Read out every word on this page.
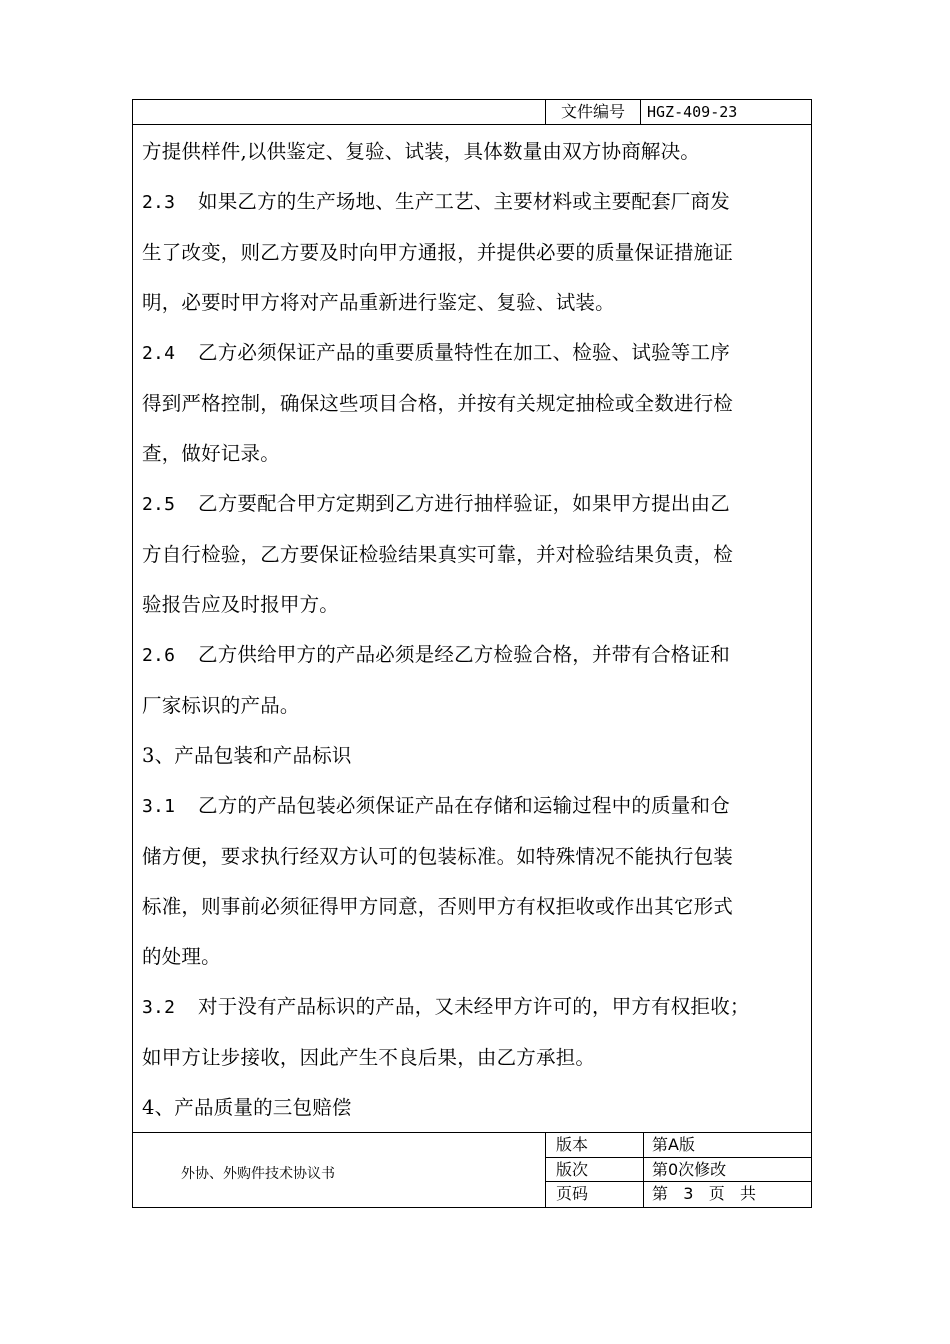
文件编号	HGZ-409-23

方提供样件,以供鉴定、复验、试装，具体数量由双方协商解决。

2.3 如果乙方的生产场地、生产工艺、主要材料或主要配套厂商发

生了改变，则乙方要及时向甲方通报，并提供必要的质量保证措施证

明，必要时甲方将对产品重新进行鉴定、复验、试装。

2.4 乙方必须保证产品的重要质量特性在加工、检验、试验等工序

得到严格控制，确保这些项目合格，并按有关规定抽检或全数进行检

查，做好记录。

2.5 乙方要配合甲方定期到乙方进行抽样验证，如果甲方提出由乙

方自行检验，乙方要保证检验结果真实可靠，并对检验结果负责，检

验报告应及时报甲方。

2.6 乙方供给甲方的产品必须是经乙方检验合格，并带有合格证和

厂家标识的产品。

3、产品包装和产品标识

3.1 乙方的产品包装必须保证产品在存储和运输过程中的质量和仓

储方便，要求执行经双方认可的包装标准。如特殊情况不能执行包装

标准，则事前必须征得甲方同意，否则甲方有权拒收或作出其它形式

的处理。

3.2 对于没有产品标识的产品，又未经甲方许可的，甲方有权拒收；

如甲方让步接收，因此产生不良后果，由乙方承担。

4、产品质量的三包赔偿

外协、外购件技术协议书
版本	第A版
版次	第0次修改
页码	第   3   页   共
